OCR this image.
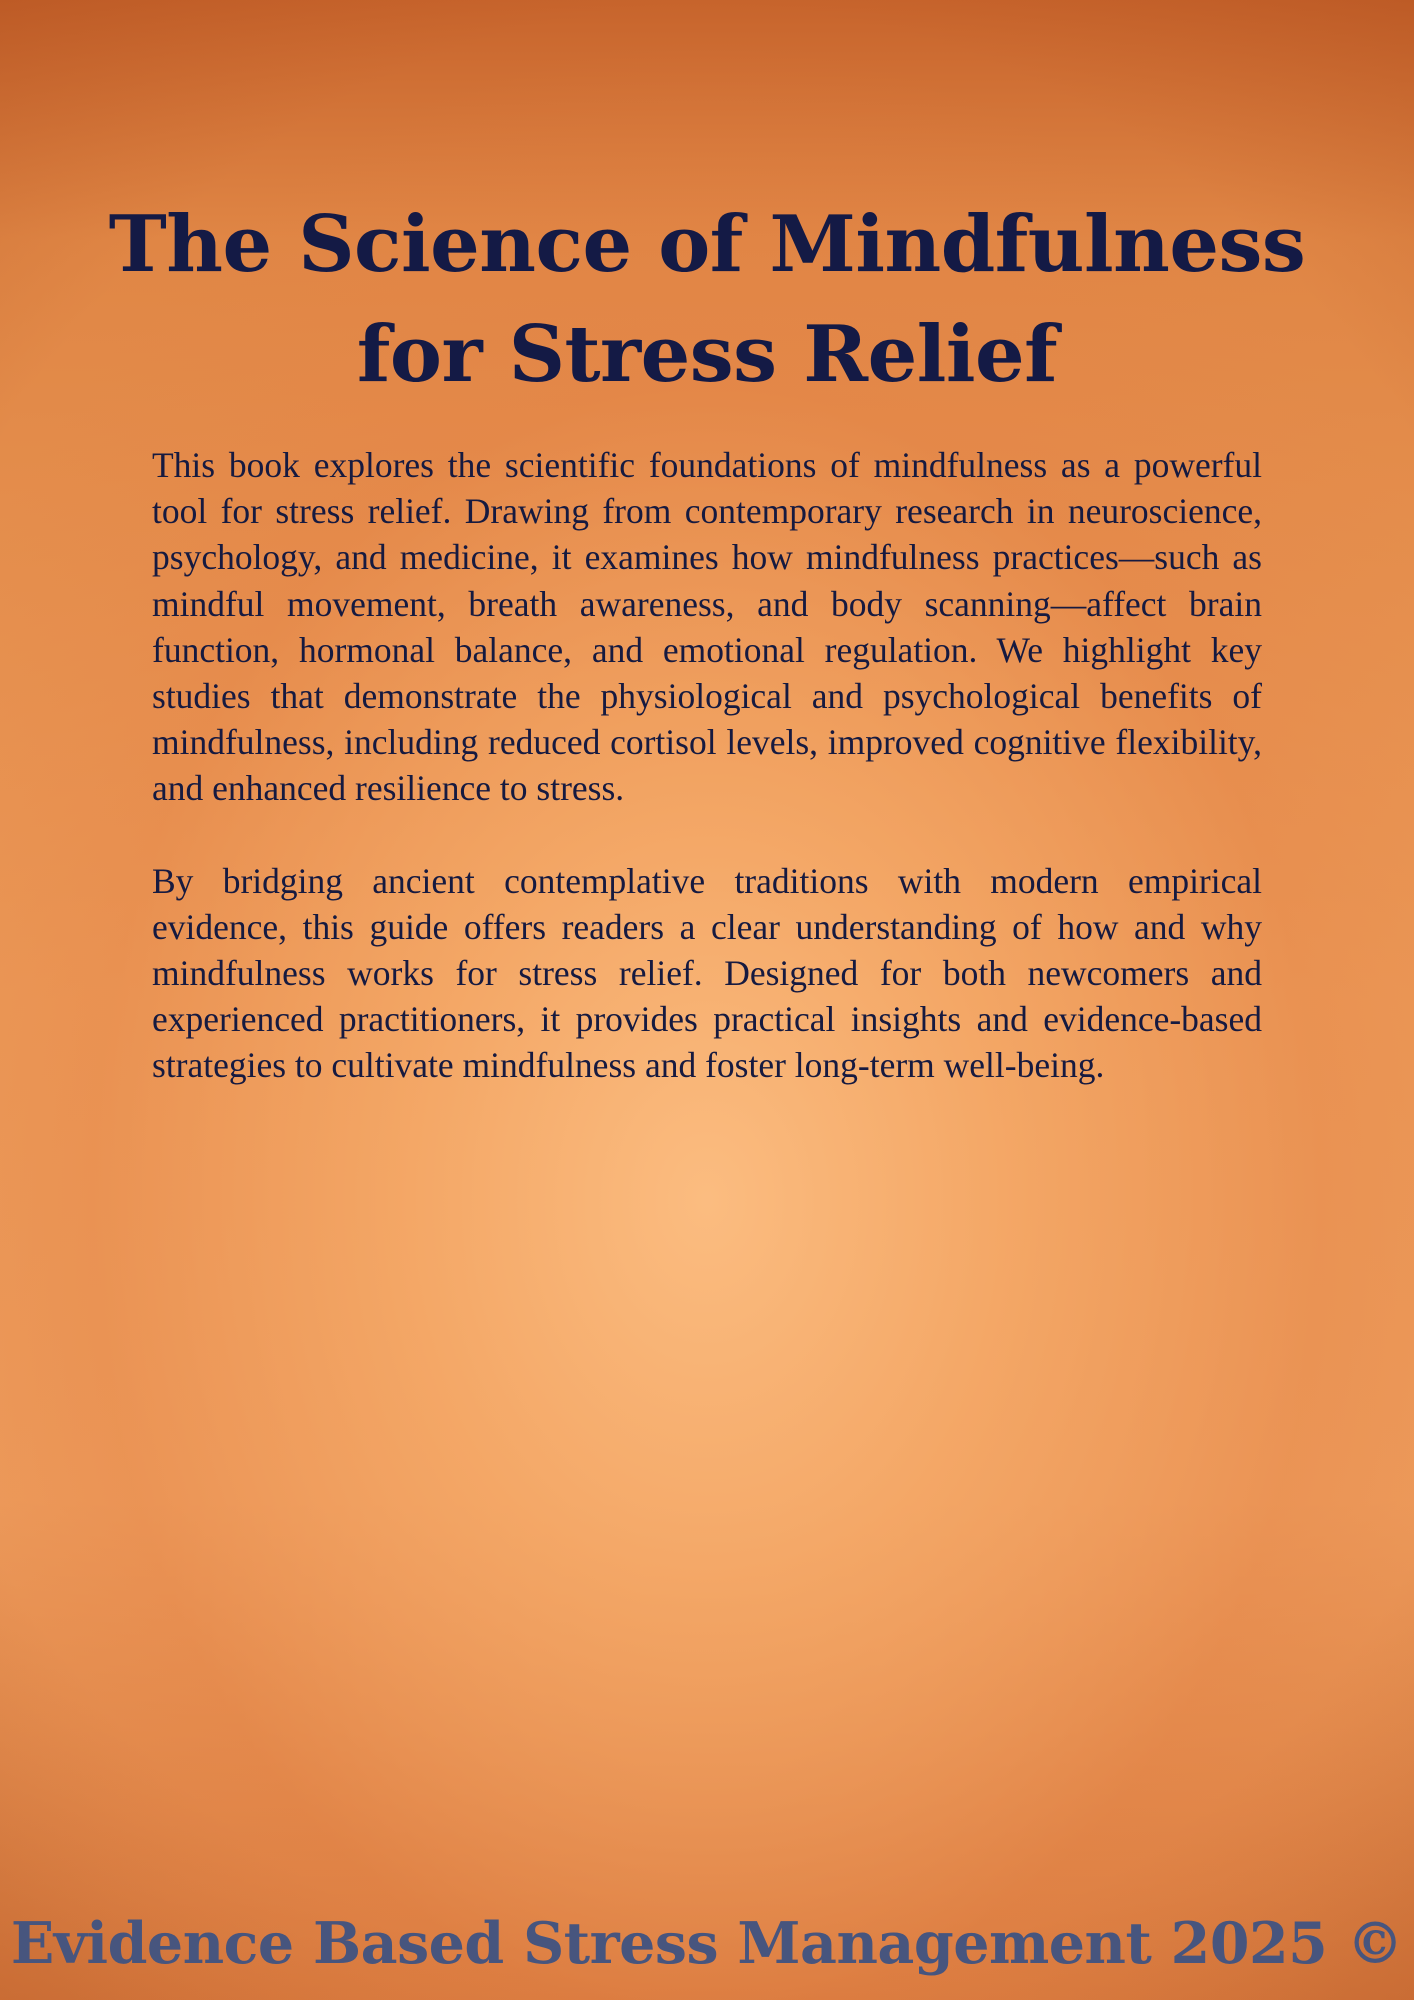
The Science of Mindfulness for Stress Relief

This book explores the scientific foundations of mindfulness as a powerful tool for stress relief. Drawing from contemporary research in neuroscience, psychology, and medicine, it examines how mindfulness practices—such as mindful movement, breath awareness, and body scanning—affect brain function, hormonal balance, and emotional regulation. We highlight key studies that demonstrate the physiological and psychological benefits of mindfulness, including reduced cortisol levels, improved cognitive flexibility, and enhanced resilience to stress.

By bridging ancient contemplative traditions with modern empirical evidence, this guide offers readers a clear understanding of how and why mindfulness works for stress relief. Designed for both newcomers and experienced practitioners, it provides practical insights and evidence-based strategies to cultivate mindfulness and foster long-term well-being.

Evidence Based Stress Management 2025 ©
